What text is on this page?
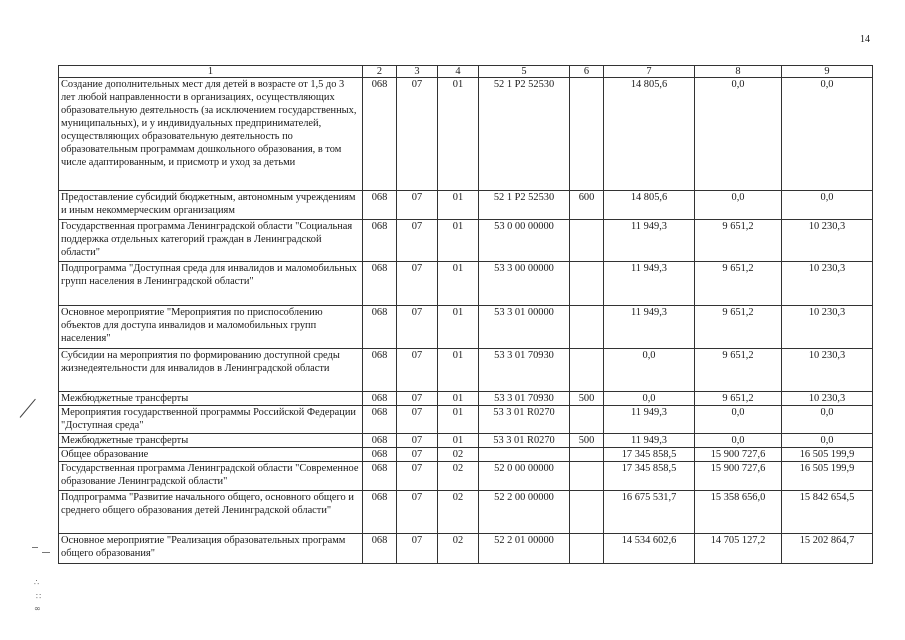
14
1	2	3	4	5	6	7	8	9
Создание дополнительных мест для детей в возрасте от 1,5 до 3 лет любой направленности в организациях, осуществляющих образовательную деятельность (за исключением государственных, муниципальных), и у индивидуальных предпринимателей, осуществляющих образовательную деятельность по образовательным программам дошкольного образования, в том числе адаптированным, и присмотр и уход за детьми	068	07	01	52 1 P2 52530		14 805,6	0,0	0,0
Предоставление субсидий бюджетным, автономным учреждениям и иным некоммерческим организациям	068	07	01	52 1 P2 52530	600	14 805,6	0,0	0,0
Государственная программа Ленинградской области "Социальная поддержка отдельных категорий граждан в Ленинградской области"	068	07	01	53 0 00 00000		11 949,3	9 651,2	10 230,3
Подпрограмма "Доступная среда для инвалидов и маломобильных групп населения в Ленинградской области"	068	07	01	53 3 00 00000		11 949,3	9 651,2	10 230,3
Основное мероприятие "Мероприятия по приспособлению объектов для доступа инвалидов и маломобильных групп населения"	068	07	01	53 3 01 00000		11 949,3	9 651,2	10 230,3
Субсидии на мероприятия по формированию доступной среды жизнедеятельности для инвалидов в Ленинградской области	068	07	01	53 3 01 70930		0,0	9 651,2	10 230,3
Межбюджетные трансферты	068	07	01	53 3 01 70930	500	0,0	9 651,2	10 230,3
Мероприятия государственной программы Российской Федерации "Доступная среда"	068	07	01	53 3 01 R0270		11 949,3	0,0	0,0
Межбюджетные трансферты	068	07	01	53 3 01 R0270	500	11 949,3	0,0	0,0
Общее образование	068	07	02			17 345 858,5	15 900 727,6	16 505 199,9
Государственная программа Ленинградской области "Современное образование Ленинградской области"	068	07	02	52 0 00 00000		17 345 858,5	15 900 727,6	16 505 199,9
Подпрограмма "Развитие начального общего, основного общего и среднего общего образования детей Ленинградской области"	068	07	02	52 2 00 00000		16 675 531,7	15 358 656,0	15 842 654,5
Основное мероприятие "Реализация образовательных программ общего образования"	068	07	02	52 2 01 00000		14 534 602,6	14 705 127,2	15 202 864,7
∴
∷
∞
